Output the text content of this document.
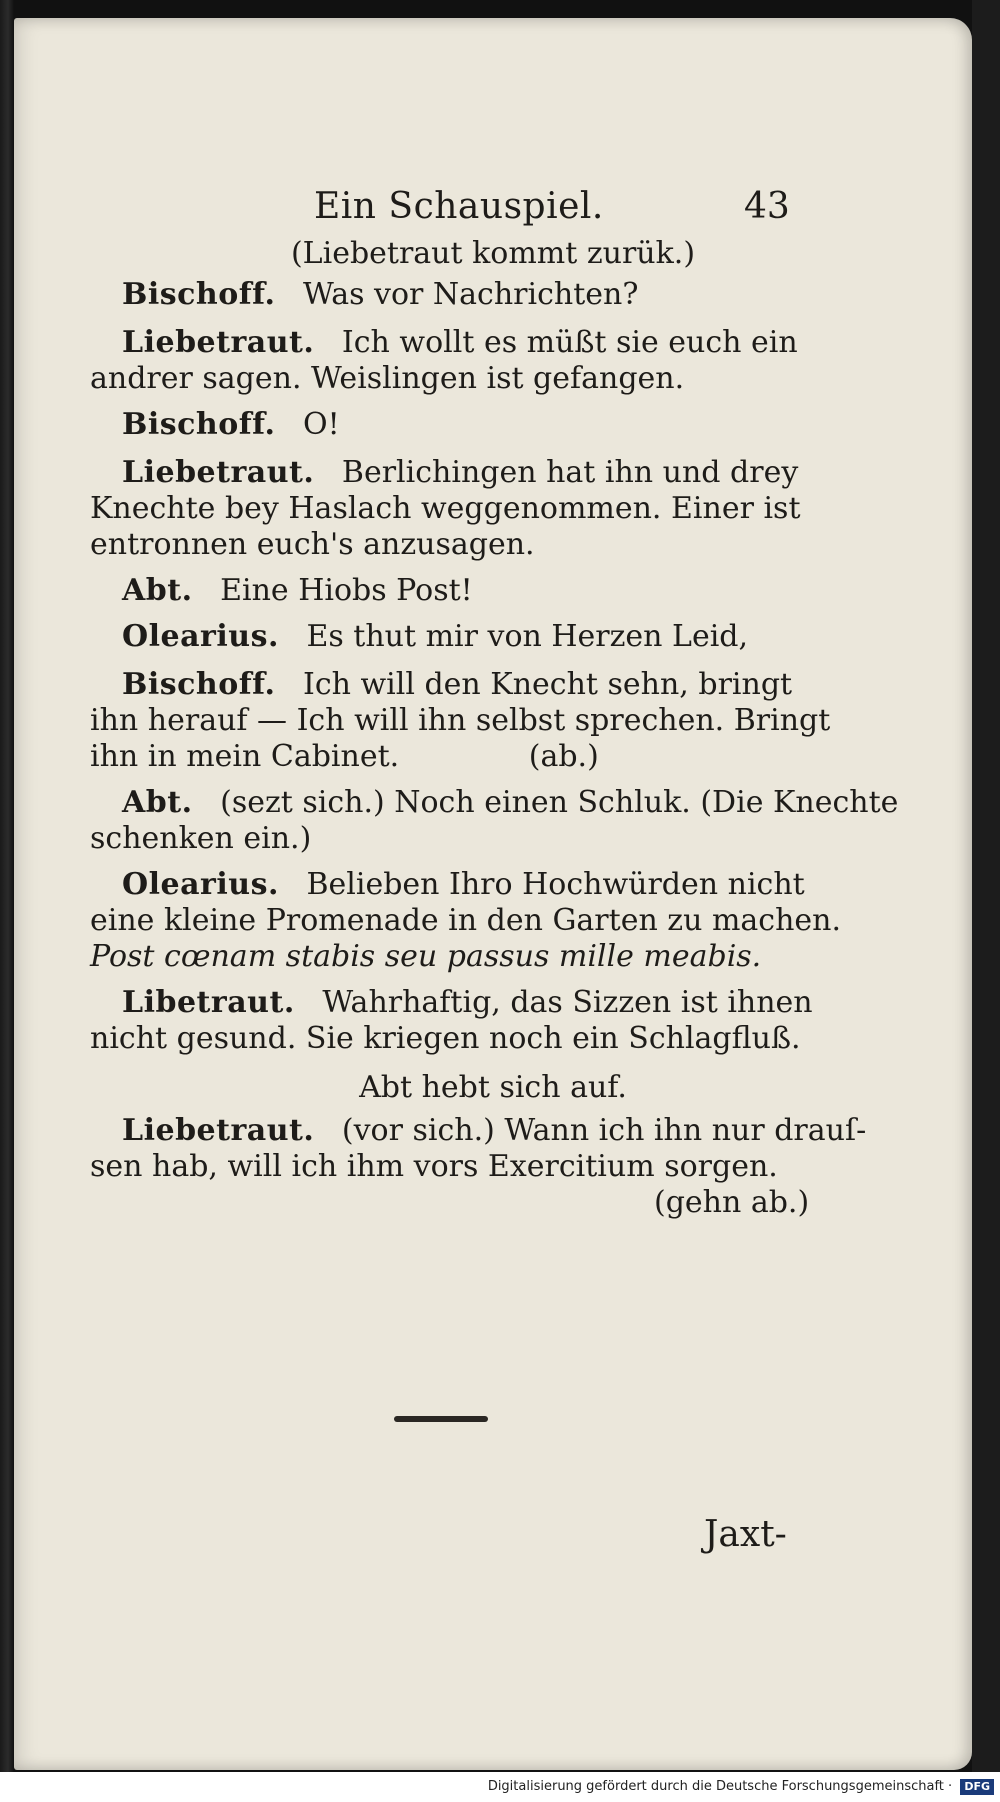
Ein Schauspiel.	43
(Liebetraut kommt zurük.)
Bischoff. Was vor Nachrichten?
Liebetraut. Ich wollt es müßt sie euch ein
andrer sagen. Weislingen ist gefangen.
Bischoff. O!
Liebetraut. Berlichingen hat ihn und drey
Knechte bey Haslach weggenommen. Einer ist
entronnen euch's anzusagen.
Abt. Eine Hiobs Post!
Olearius. Es thut mir von Herzen Leid,
Bischoff. Ich will den Knecht sehn, bringt
ihn herauf — Ich will ihn selbst sprechen. Bringt
ihn in mein Cabinet.	(ab.)
Abt. (sezt sich.) Noch einen Schluk. (Die Knechte
schenken ein.)
Olearius. Belieben Ihro Hochwürden nicht
eine kleine Promenade in den Garten zu machen.
Post cœnam stabis seu passus mille meabis.
Libetraut. Wahrhaftig, das Sizzen ist ihnen
nicht gesund. Sie kriegen noch ein Schlagfluß.
Abt hebt sich auf.
Liebetraut. (vor sich.) Wann ich ihn nur drauſ-
sen hab, will ich ihm vors Exercitium sorgen.
(gehn ab.)
Jaxt-
Digitalisierung gefördert durch die Deutsche Forschungsgemeinschaft · DFG
